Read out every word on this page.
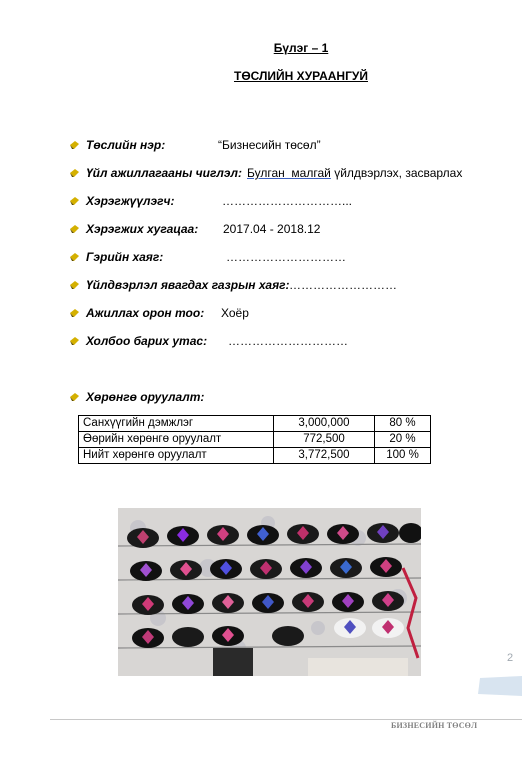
Бүлэг – 1
ТӨСЛИЙН ХУРААНГУЙ
Төслийн нэр:	“Бизнесийн төсөл”
Үйл ажиллагааны чиглэл: Булган  малгай үйлдвэрлэх, засварлах
Хэрэгжүүлэгч:	…………………………...
Хэрэгжих хугацаа: 2017.04 - 2018.12
Гэрийн хаяг:	…………………………
Үйлдвэрлэл явагдах газрын хаяг: ………………………
Ажиллах орон тоо: Хоёр
Холбоо барих утас: …………………………
Хөрөнгө оруулалт:
Санхүүгийн дэмжлэг	3,000,000	80 %
Өөрийн хөрөнгө оруулалт	772,500	20 %
Нийт хөрөнгө оруулалт	3,772,500	100 %
2
БИЗНЕСИЙН ТӨСӨЛ
